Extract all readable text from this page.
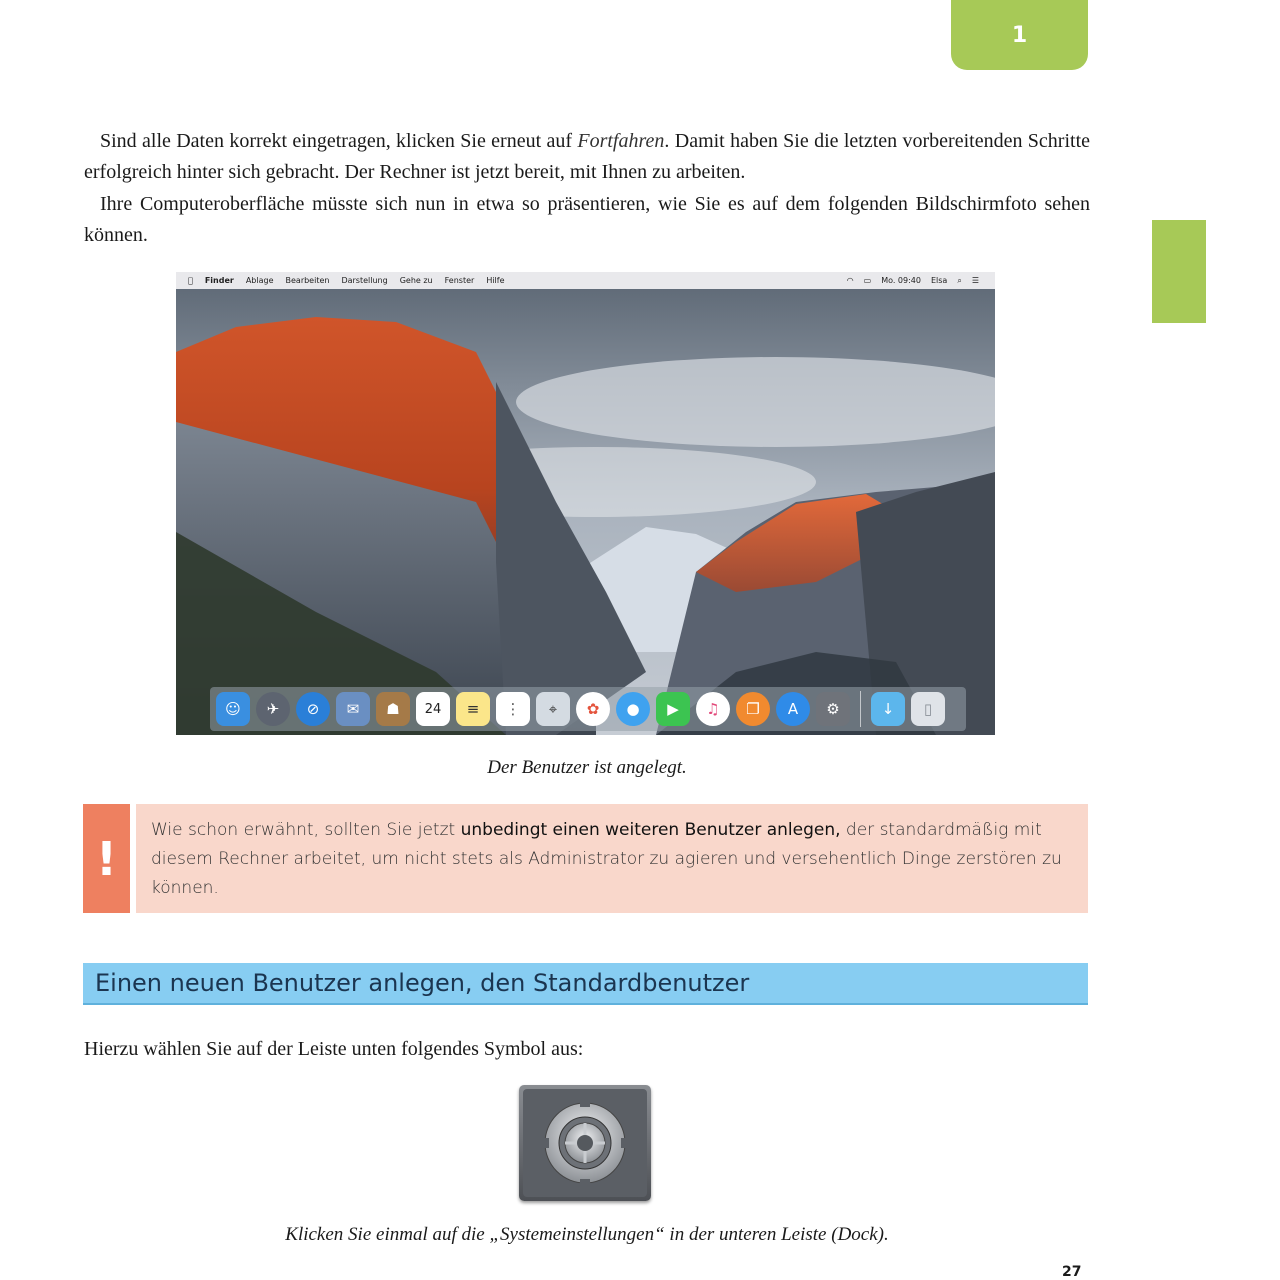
1

Sind alle Daten korrekt eingetragen, klicken Sie erneut auf Fortfahren. Damit haben Sie die letzten vorbereitenden Schritte erfolgreich hinter sich gebracht. Der Rechner ist jetzt bereit, mit Ihnen zu arbeiten.

Ihre Computeroberfläche müsste sich nun in etwa so präsentieren, wie Sie es auf dem folgenden Bildschirmfoto sehen können.

Finder Ablage Bearbeiten Darstellung Gehe zu Fenster Hilfe	◠ ▭ Mo. 09:40 Elsa ⌕ ☰
☺	✈	⊘	✉	☗	24	≡	⋮	⌖	✿	●	▶	♫	❐	A	⚙	↓	▯

Der Benutzer ist angelegt.

!

Wie schon erwähnt, sollten Sie jetzt unbedingt einen weiteren Benutzer anlegen, der standardmäßig mit diesem Rechner arbeitet, um nicht stets als Administrator zu agieren und versehentlich Dinge zerstören zu können.

Einen neuen Benutzer anlegen, den Standardbenutzer

Hierzu wählen Sie auf der Leiste unten folgendes Symbol aus:

Klicken Sie einmal auf die „Systemeinstellungen“ in der unteren Leiste (Dock).

27
